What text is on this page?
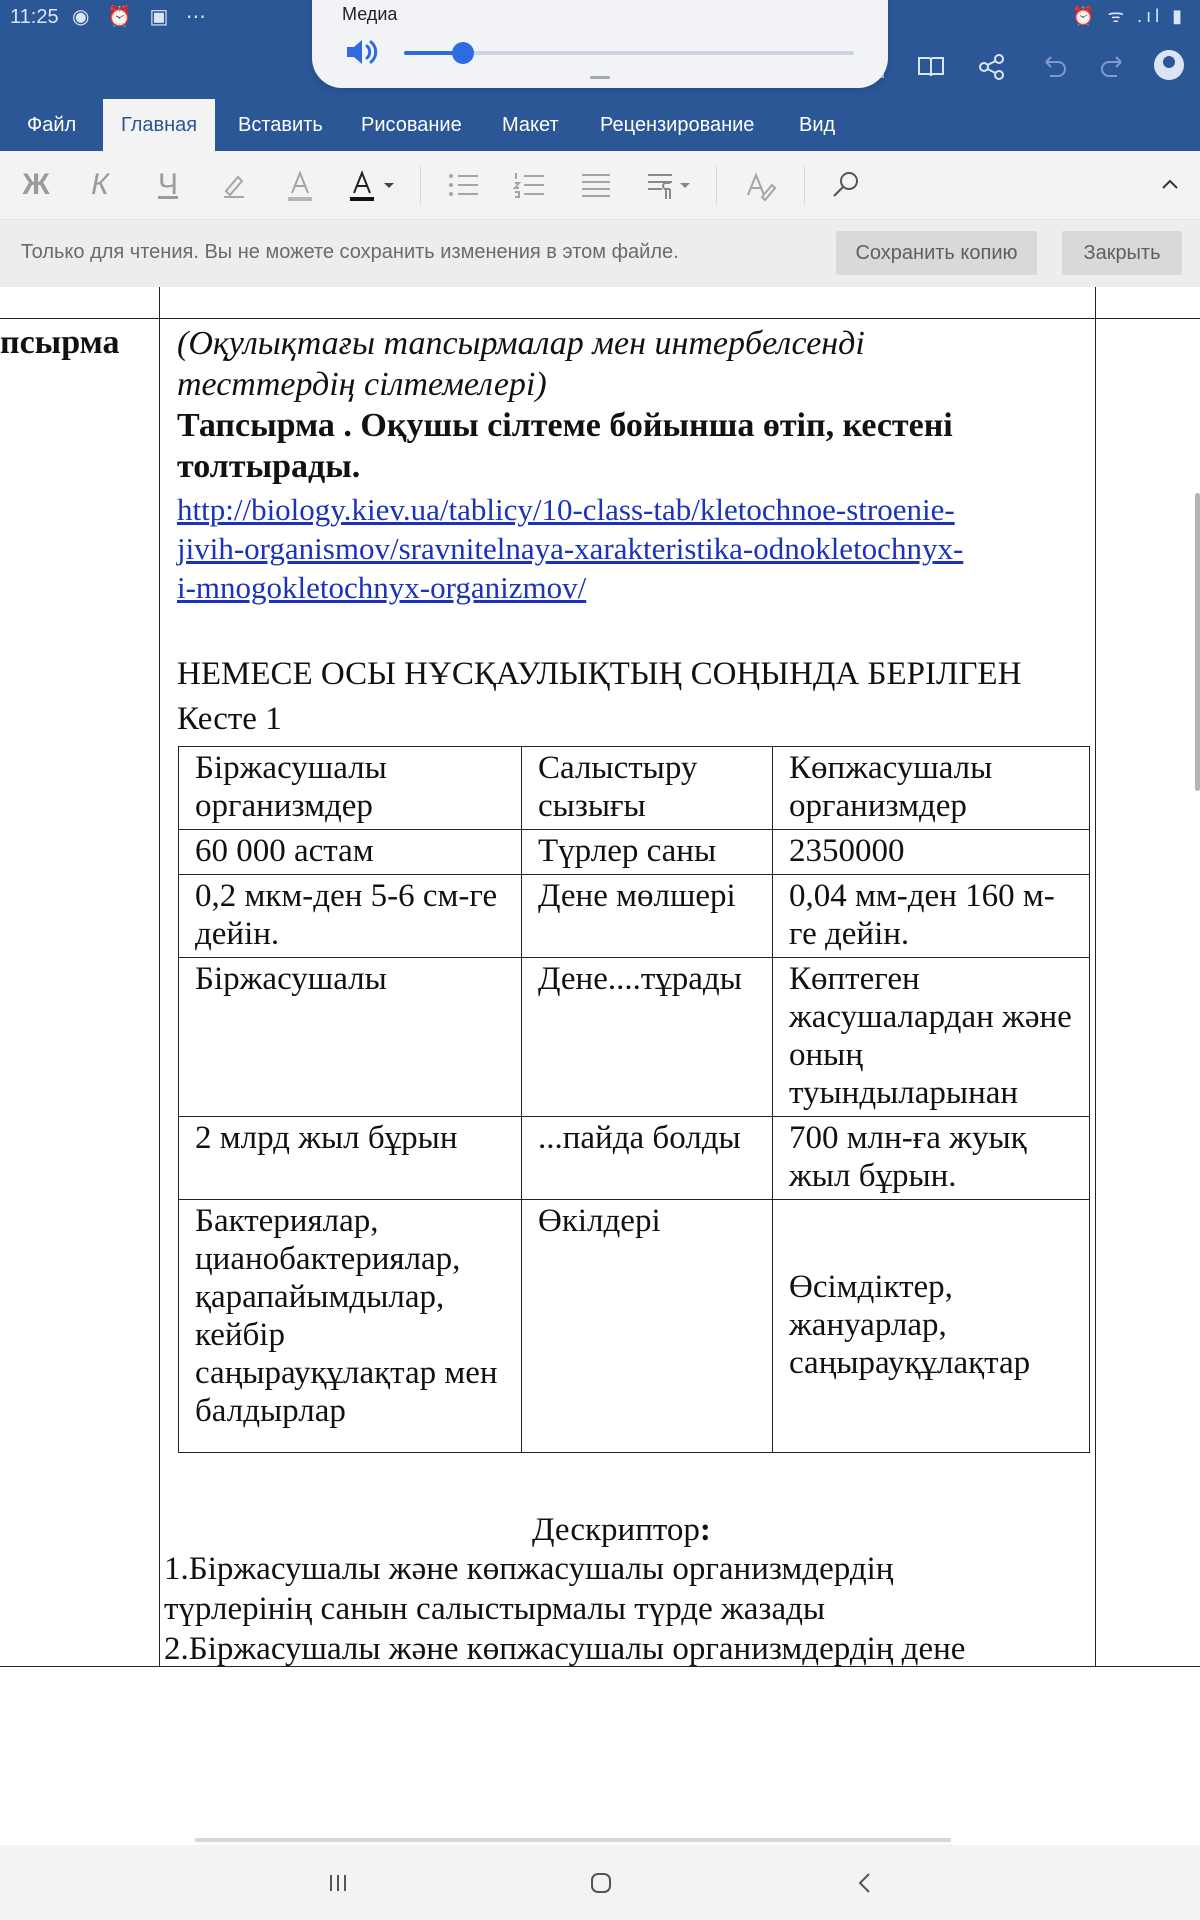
11:25 ◉ ⏰ ▣ ⋯	⏰ ᯤ .ıl ▮
Медиа
Файл	Главная	Вставить	Рисование	Макет	Рецензирование	Вид
Ж	К	Ч
Только для чтения. Вы не можете сохранить изменения в этом файле.	Сохранить копию	Закрыть
псырма (Оқулықтағы тапсырмалар мен интербелсенді
тесттердің сілтемелері)
Тапсырма . Оқушы сілтеме бойынша өтіп, кестені
толтырады.
http://biology.kiev.ua/tablicy/10-class-tab/kletochnoe-stroenie-
jivih-organismov/sravnitelnaya-xarakteristika-odnokletochnyx-
i-mnogokletochnyx-organizmov/
НЕМЕСЕ ОСЫ НҰСҚАУЛЫҚТЫҢ СОҢЫНДА БЕРІЛГЕН
Кесте 1
Біржасушалы организмдер	Салыстыру сызығы	Көпжасушалы организмдер
60 000 астам	Түрлер саны	2350000
0,2 мкм-ден 5-6 см-ге дейін.	Дене мөлшері	0,04 мм-ден 160 м-ге дейін.
Біржасушалы	Дене....тұрады	Көптеген жасушалардан және оның туындыларынан
2 млрд жыл бұрын	...пайда болды	700 млн-ға жуық жыл бұрын.
Бактериялар, цианобактериялар, қарапайымдылар, кейбір саңырауқұлақтар мен балдырлар	Өкілдері	Өсімдіктер, жануарлар, саңырауқұлақтар
Дескриптор:
1.Біржасушалы және көпжасушалы организмдердің
түрлерінің санын салыстырмалы түрде жазады
2.Біржасушалы және көпжасушалы организмдердің дене
